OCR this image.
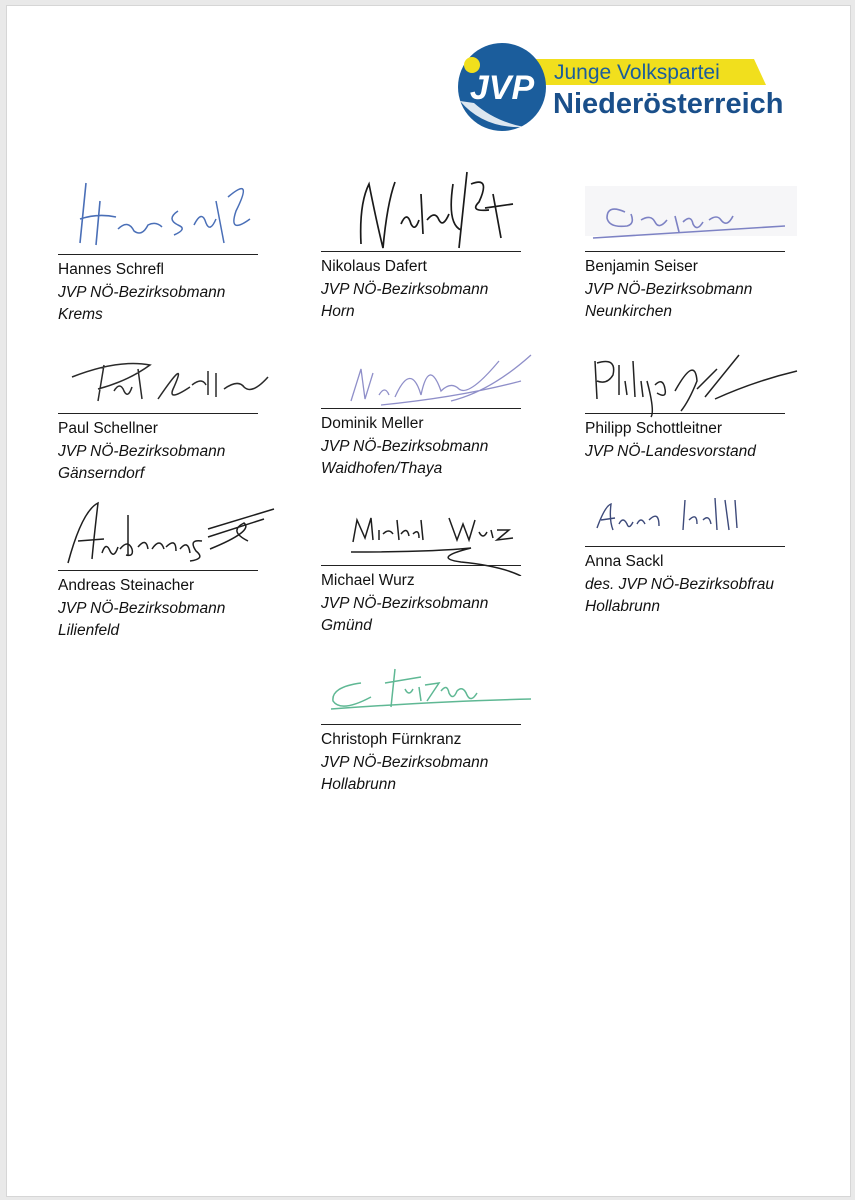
JVP Junge Volkspartei
Niederösterreich
Hannes Schrefl
JVP NÖ-Bezirksobmann
Krems
Nikolaus Dafert
JVP NÖ-Bezirksobmann
Horn
Benjamin Seiser
JVP NÖ-Bezirksobmann
Neunkirchen
Paul Schellner
JVP NÖ-Bezirksobmann
Gänserndorf
Dominik Meller
JVP NÖ-Bezirksobmann
Waidhofen/Thaya
Philipp Schottleitner
JVP NÖ-Landesvorstand
Andreas Steinacher
JVP NÖ-Bezirksobmann
Lilienfeld
Michael Wurz
JVP NÖ-Bezirksobmann
Gmünd
Anna Sackl
des. JVP NÖ-Bezirksobfrau
Hollabrunn
Christoph Fürnkranz
JVP NÖ-Bezirksobmann
Hollabrunn
